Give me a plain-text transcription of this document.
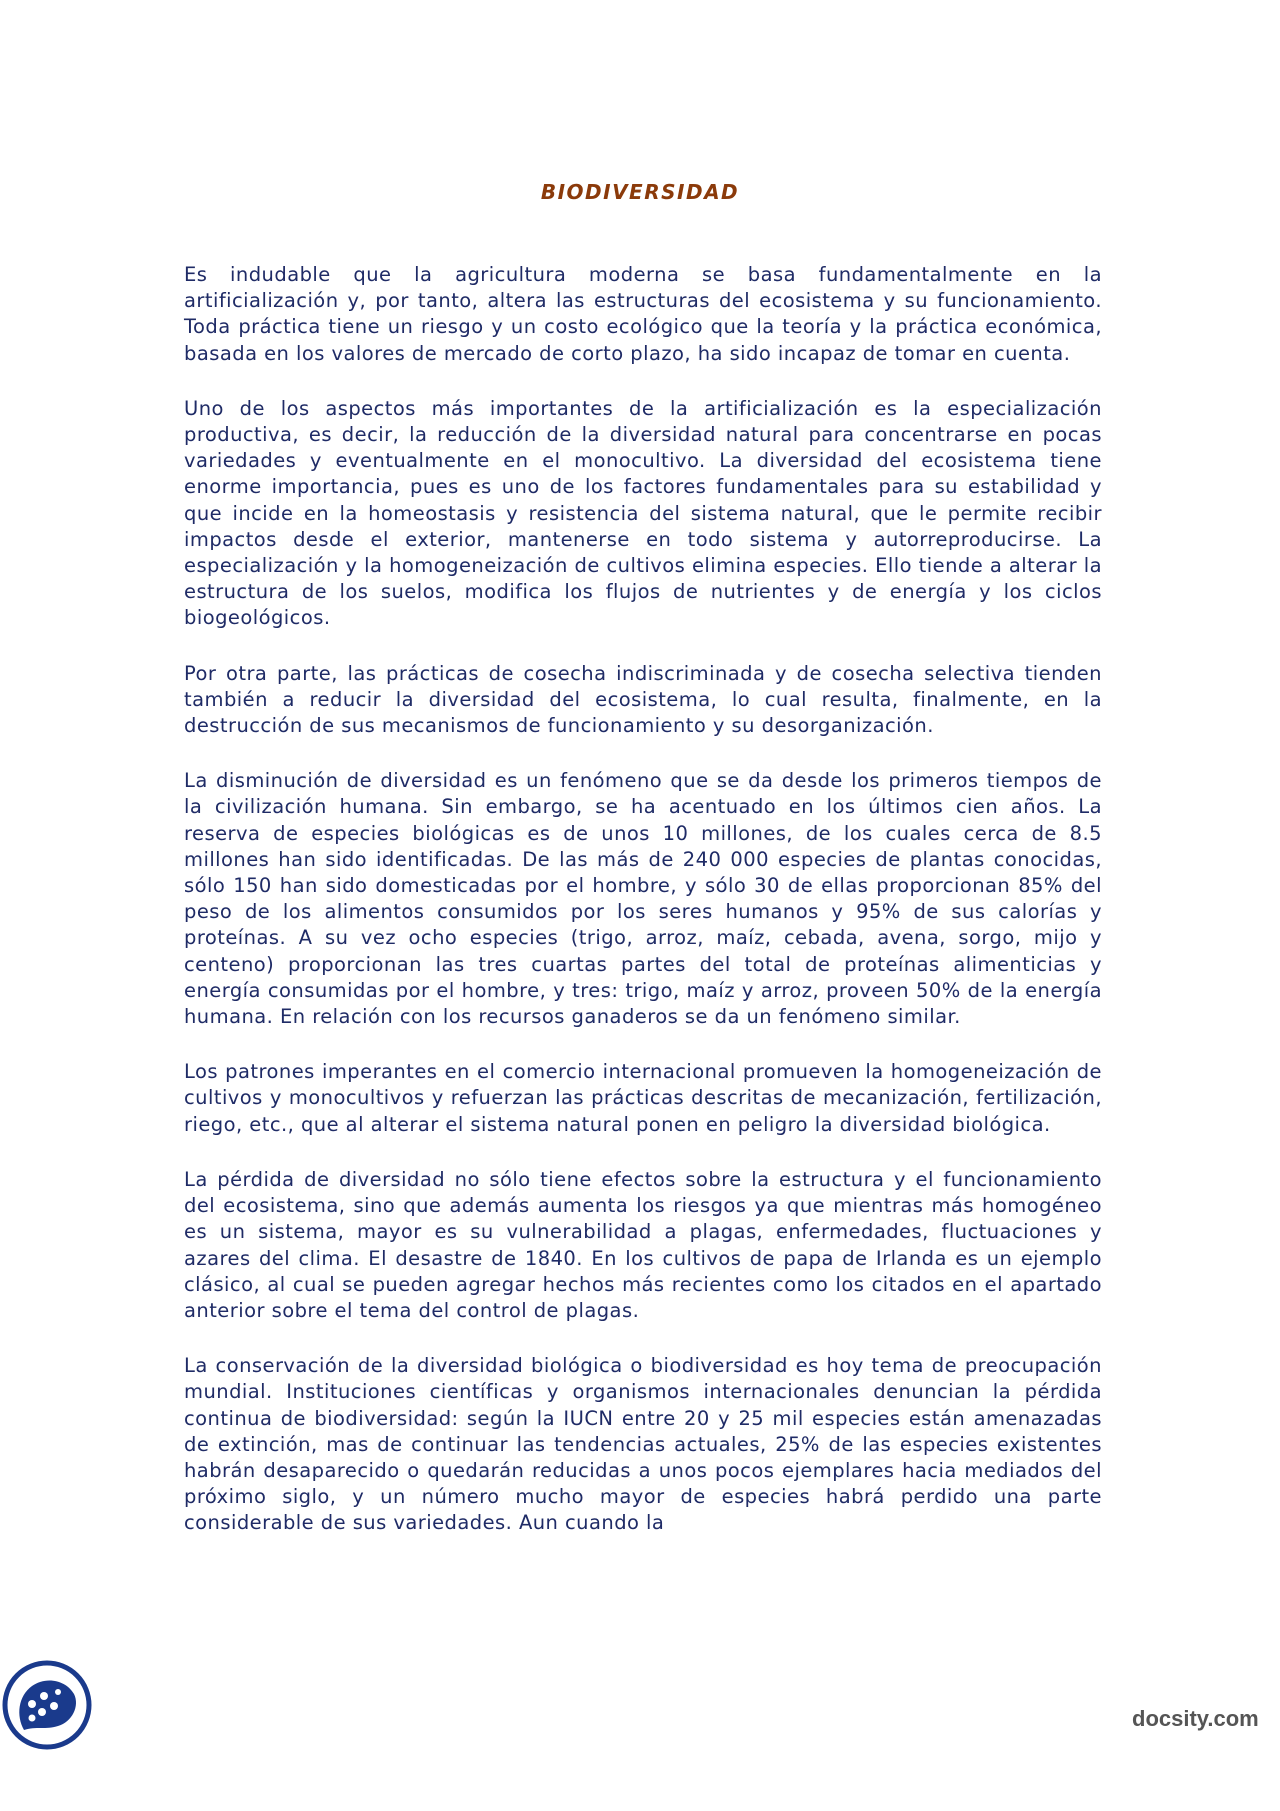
BIODIVERSIDAD

Es indudable que la agricultura moderna se basa fundamentalmente en la artificialización y, por tanto, altera las estructuras del ecosistema y su funcionamiento. Toda práctica tiene un riesgo y un costo ecológico que la teoría y la práctica económica, basada en los valores de mercado de corto plazo, ha sido incapaz de tomar en cuenta.

Uno de los aspectos más importantes de la artificialización es la especialización productiva, es decir, la reducción de la diversidad natural para concentrarse en pocas variedades y eventualmente en el monocultivo. La diversidad del ecosistema tiene enorme importancia, pues es uno de los factores fundamentales para su estabilidad y que incide en la homeostasis y resistencia del sistema natural, que le permite recibir impactos desde el exterior, mantenerse en todo sistema y autorreproducirse. La especialización y la homogeneización de cultivos elimina especies. Ello tiende a alterar la estructura de los suelos, modifica los flujos de nutrientes y de energía y los ciclos biogeológicos.

Por otra parte, las prácticas de cosecha indiscriminada y de cosecha selectiva tienden también a reducir la diversidad del ecosistema, lo cual resulta, finalmente, en la destrucción de sus mecanismos de funcionamiento y su desorganización.

La disminución de diversidad es un fenómeno que se da desde los primeros tiempos de la civilización humana. Sin embargo, se ha acentuado en los últimos cien años. La reserva de especies biológicas es de unos 10 millones, de los cuales cerca de 8.5 millones han sido identificadas. De las más de 240 000 especies de plantas conocidas, sólo 150 han sido domesticadas por el hombre, y sólo 30 de ellas proporcionan 85% del peso de los alimentos consumidos por los seres humanos y 95% de sus calorías y proteínas. A su vez ocho especies (trigo, arroz, maíz, cebada, avena, sorgo, mijo y centeno) proporcionan las tres cuartas partes del total de proteínas alimenticias y energía consumidas por el hombre, y tres: trigo, maíz y arroz, proveen 50% de la energía humana. En relación con los recursos ganaderos se da un fenómeno similar.

Los patrones imperantes en el comercio internacional promueven la homogeneización de cultivos y monocultivos y refuerzan las prácticas descritas de mecanización, fertilización, riego, etc., que al alterar el sistema natural ponen en peligro la diversidad biológica.

La pérdida de diversidad no sólo tiene efectos sobre la estructura y el funcionamiento del ecosistema, sino que además aumenta los riesgos ya que mientras más homogéneo es un sistema, mayor es su vulnerabilidad a plagas, enfermedades, fluctuaciones y azares del clima. El desastre de 1840. En los cultivos de papa de Irlanda es un ejemplo clásico, al cual se pueden agregar hechos más recientes como los citados en el apartado anterior sobre el tema del control de plagas.

La conservación de la diversidad biológica o biodiversidad es hoy tema de preocupación mundial. Instituciones científicas y organismos internacionales denuncian la pérdida continua de biodiversidad: según la IUCN entre 20 y 25 mil especies están amenazadas de extinción, mas de continuar las tendencias actuales, 25% de las especies existentes habrán desaparecido o quedarán reducidas a unos pocos ejemplares hacia mediados del próximo siglo, y un número mucho mayor de especies habrá perdido una parte considerable de sus variedades. Aun cuando la

docsity.com
